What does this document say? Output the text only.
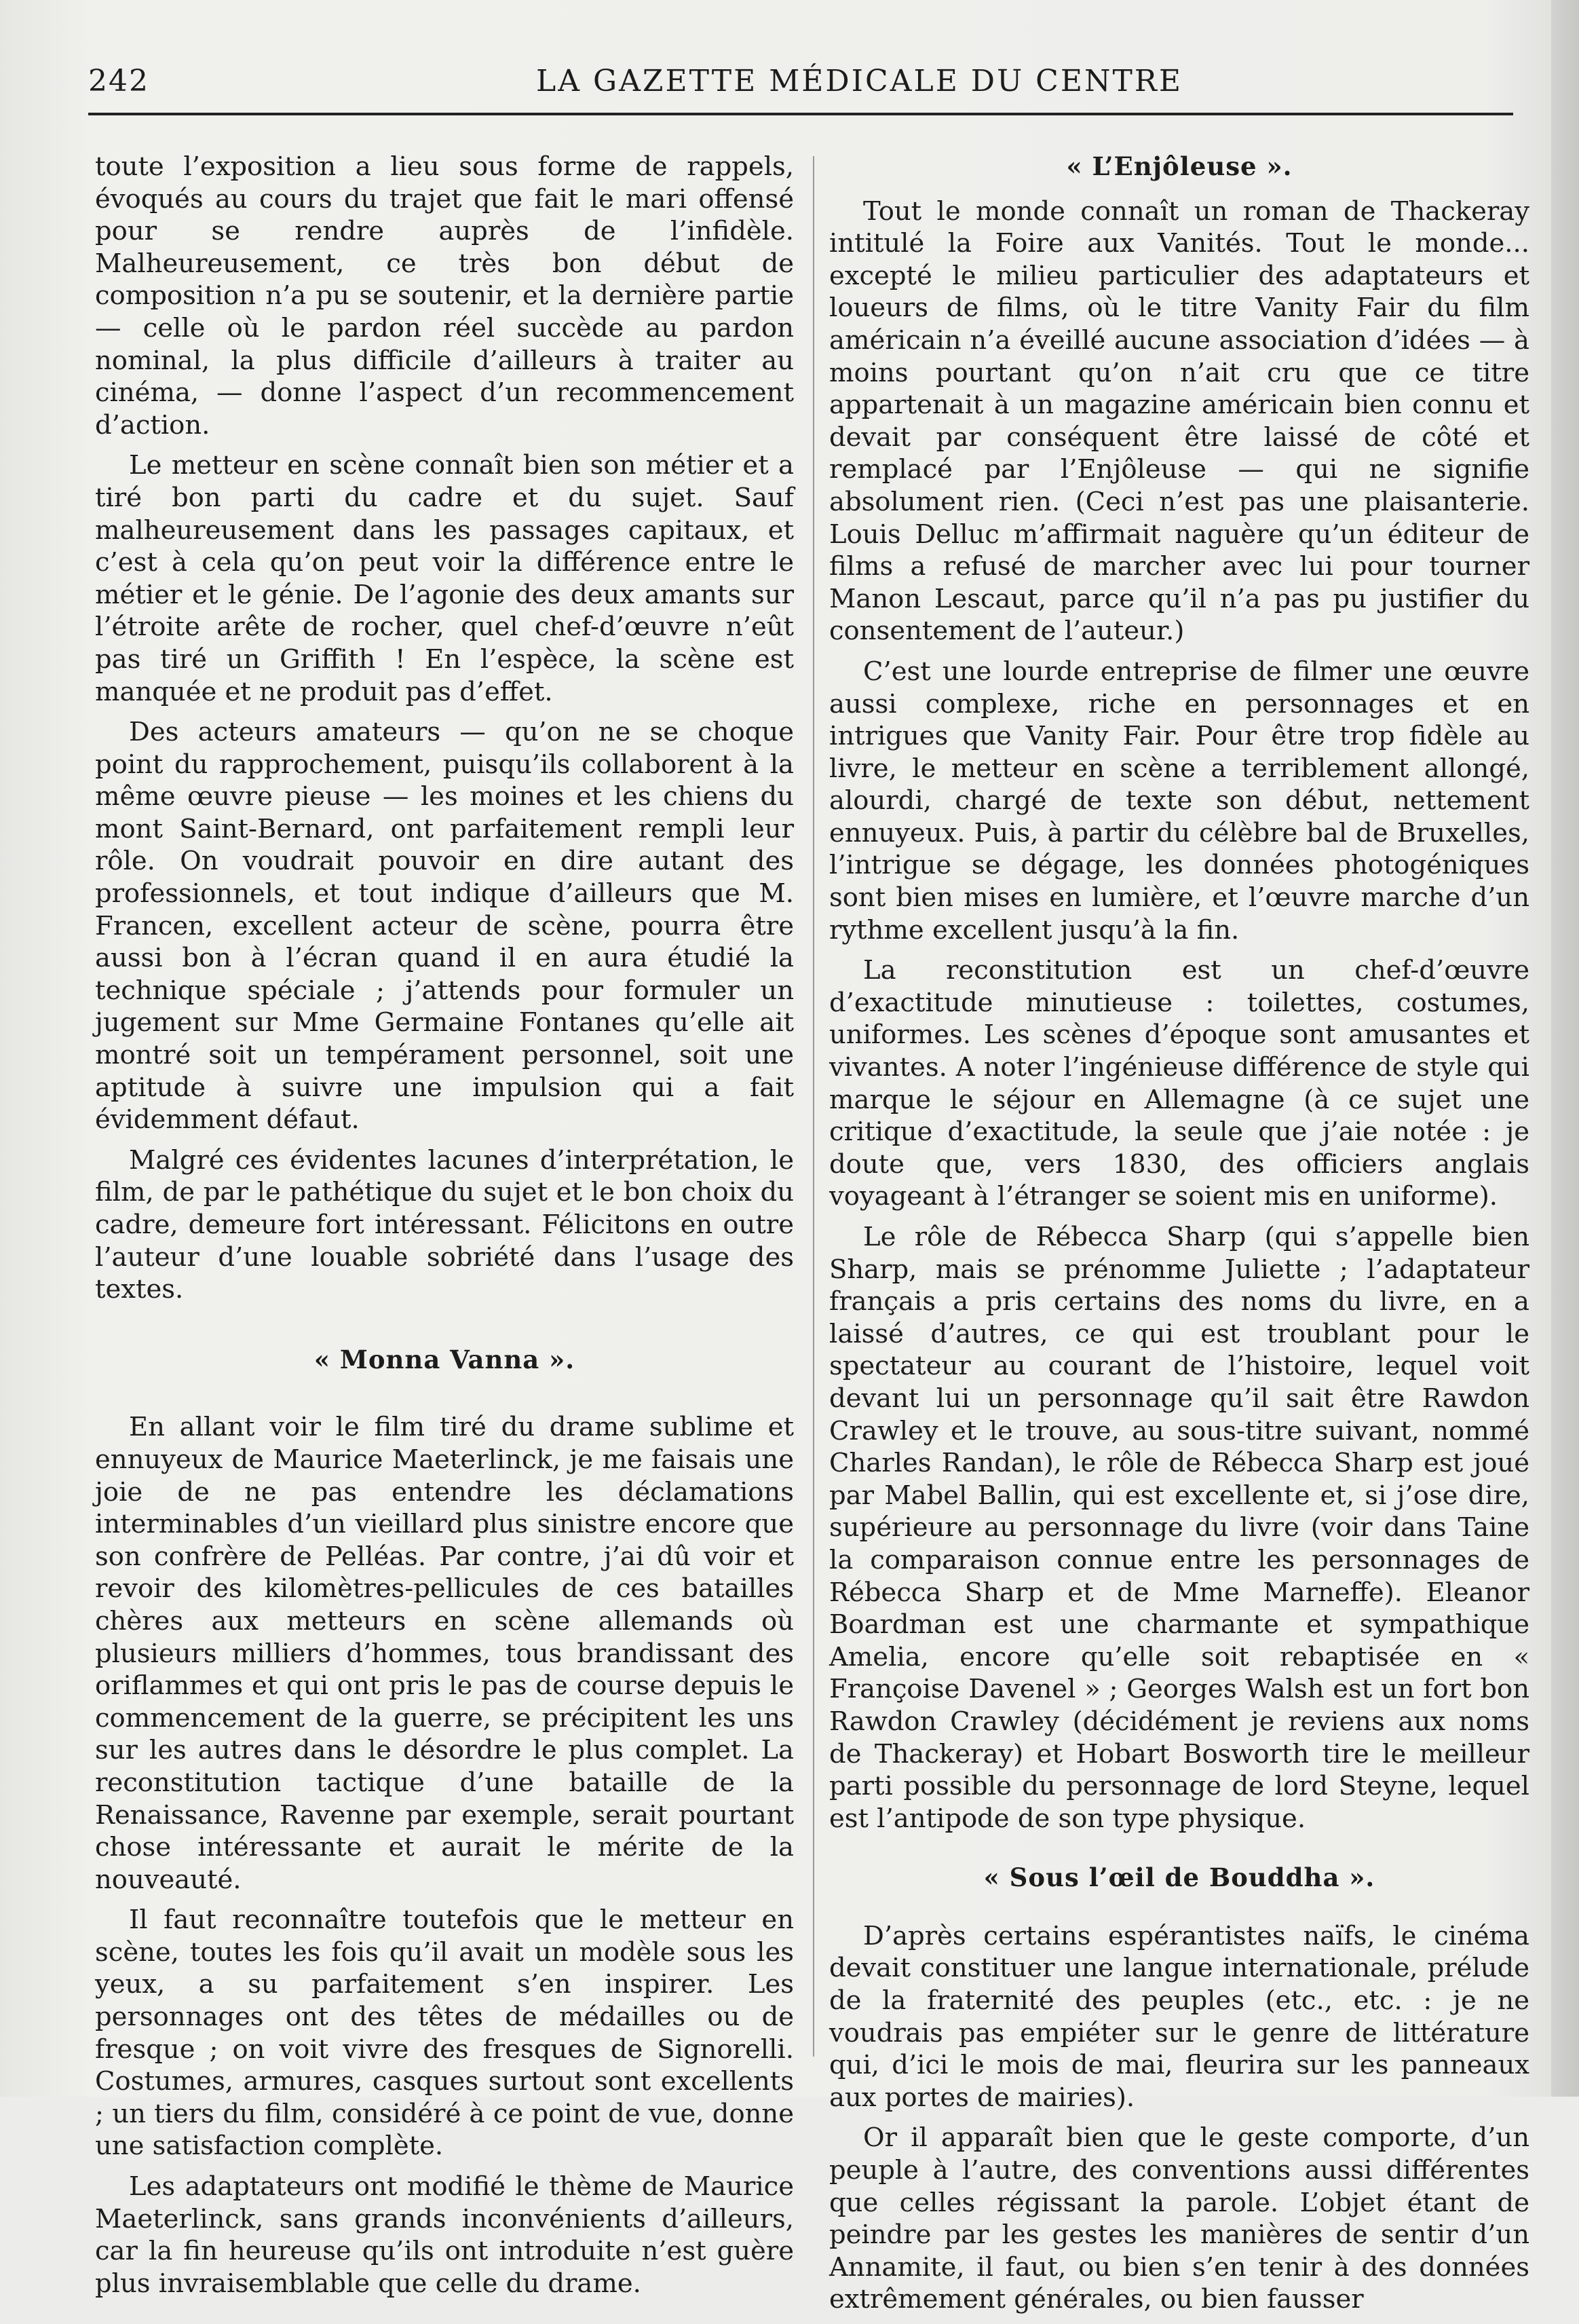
242	LA GAZETTE MÉDICALE DU CENTRE

toute l’exposition a lieu sous forme de rappels, évoqués au cours du trajet que fait le mari offensé pour se rendre auprès de l’infidèle. Malheureusement, ce très bon début de composition n’a pu se soutenir, et la dernière partie — celle où le pardon réel succède au pardon nominal, la plus difficile d’ailleurs à traiter au cinéma, — donne l’aspect d’un recommencement d’action.

Le metteur en scène connaît bien son métier et a tiré bon parti du cadre et du sujet. Sauf malheureusement dans les passages capitaux, et c’est à cela qu’on peut voir la différence entre le métier et le génie. De l’agonie des deux amants sur l’étroite arête de rocher, quel chef-d’œuvre n’eût pas tiré un Griffith ! En l’espèce, la scène est manquée et ne produit pas d’effet.

Des acteurs amateurs — qu’on ne se choque point du rapprochement, puisqu’ils collaborent à la même œuvre pieuse — les moines et les chiens du mont Saint-Bernard, ont parfaitement rempli leur rôle. On voudrait pouvoir en dire autant des professionnels, et tout indique d’ailleurs que M. Francen, excellent acteur de scène, pourra être aussi bon à l’écran quand il en aura étudié la technique spéciale ; j’attends pour formuler un jugement sur Mme Germaine Fontanes qu’elle ait montré soit un tempérament personnel, soit une aptitude à suivre une impulsion qui a fait évidemment défaut.

Malgré ces évidentes lacunes d’interprétation, le film, de par le pathétique du sujet et le bon choix du cadre, demeure fort intéressant. Félicitons en outre l’auteur d’une louable sobriété dans l’usage des textes.

« Monna Vanna ».

En allant voir le film tiré du drame sublime et ennuyeux de Maurice Maeterlinck, je me faisais une joie de ne pas entendre les déclamations interminables d’un vieillard plus sinistre encore que son confrère de Pelléas. Par contre, j’ai dû voir et revoir des kilomètres-pellicules de ces batailles chères aux metteurs en scène allemands où plusieurs milliers d’hommes, tous brandissant des oriflammes et qui ont pris le pas de course depuis le commencement de la guerre, se précipitent les uns sur les autres dans le désordre le plus complet. La reconstitution tactique d’une bataille de la Renaissance, Ravenne par exemple, serait pourtant chose intéressante et aurait le mérite de la nouveauté.

Il faut reconnaître toutefois que le metteur en scène, toutes les fois qu’il avait un modèle sous les yeux, a su parfaitement s’en inspirer. Les personnages ont des têtes de médailles ou de fresque ; on voit vivre des fresques de Signorelli. Costumes, armures, casques surtout sont excellents ; un tiers du film, considéré à ce point de vue, donne une satisfaction complète.

Les adaptateurs ont modifié le thème de Maurice Maeterlinck, sans grands inconvénients d’ailleurs, car la fin heureuse qu’ils ont introduite n’est guère plus invraisemblable que celle du drame.

« L’Enjôleuse ».

Tout le monde connaît un roman de Thackeray intitulé la Foire aux Vanités. Tout le monde... excepté le milieu particulier des adaptateurs et loueurs de films, où le titre Vanity Fair du film américain n’a éveillé aucune association d’idées — à moins pourtant qu’on n’ait cru que ce titre appartenait à un magazine américain bien connu et devait par conséquent être laissé de côté et remplacé par l’Enjôleuse — qui ne signifie absolument rien. (Ceci n’est pas une plaisanterie. Louis Delluc m’affirmait naguère qu’un éditeur de films a refusé de marcher avec lui pour tourner Manon Lescaut, parce qu’il n’a pas pu justifier du consentement de l’auteur.)

C’est une lourde entreprise de filmer une œuvre aussi complexe, riche en personnages et en intrigues que Vanity Fair. Pour être trop fidèle au livre, le metteur en scène a terriblement allongé, alourdi, chargé de texte son début, nettement ennuyeux. Puis, à partir du célèbre bal de Bruxelles, l’intrigue se dégage, les données photogéniques sont bien mises en lumière, et l’œuvre marche d’un rythme excellent jusqu’à la fin.

La reconstitution est un chef-d’œuvre d’exactitude minutieuse : toilettes, costumes, uniformes. Les scènes d’époque sont amusantes et vivantes. A noter l’ingénieuse différence de style qui marque le séjour en Allemagne (à ce sujet une critique d’exactitude, la seule que j’aie notée : je doute que, vers 1830, des officiers anglais voyageant à l’étranger se soient mis en uniforme).

Le rôle de Rébecca Sharp (qui s’appelle bien Sharp, mais se prénomme Juliette ; l’adaptateur français a pris certains des noms du livre, en a laissé d’autres, ce qui est troublant pour le spectateur au courant de l’histoire, lequel voit devant lui un personnage qu’il sait être Rawdon Crawley et le trouve, au sous-titre suivant, nommé Charles Randan), le rôle de Rébecca Sharp est joué par Mabel Ballin, qui est excellente et, si j’ose dire, supérieure au personnage du livre (voir dans Taine la comparaison connue entre les personnages de Rébecca Sharp et de Mme Marneffe). Eleanor Boardman est une charmante et sympathique Amelia, encore qu’elle soit rebaptisée en « Françoise Davenel » ; Georges Walsh est un fort bon Rawdon Crawley (décidément je reviens aux noms de Thackeray) et Hobart Bosworth tire le meilleur parti possible du personnage de lord Steyne, lequel est l’antipode de son type physique.

« Sous l’œil de Bouddha ».

D’après certains espérantistes naïfs, le cinéma devait constituer une langue internationale, prélude de la fraternité des peuples (etc., etc. : je ne voudrais pas empiéter sur le genre de littérature qui, d’ici le mois de mai, fleurira sur les panneaux aux portes de mairies).

Or il apparaît bien que le geste comporte, d’un peuple à l’autre, des conventions aussi différentes que celles régissant la parole. L’objet étant de peindre par les gestes les manières de sentir d’un Annamite, il faut, ou bien s’en tenir à des données extrêmement générales, ou bien fausser
